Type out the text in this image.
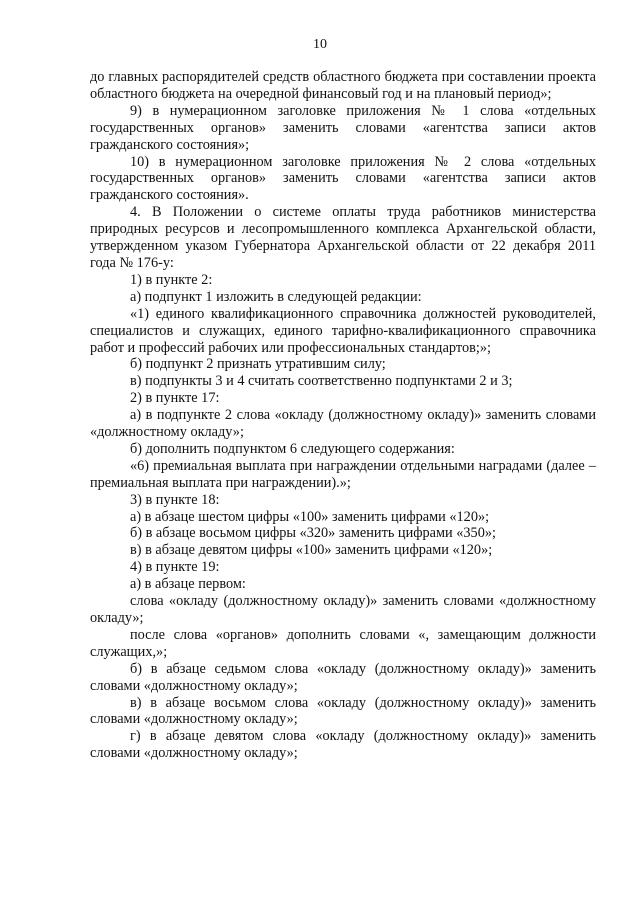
10

до главных распорядителей средств областного бюджета при составлении проекта областного бюджета на очередной финансовый год и на плановый период»;

9) в нумерационном заголовке приложения № 1 слова «отдельных государственных органов» заменить словами «агентства записи актов гражданского состояния»;

10) в нумерационном заголовке приложения № 2 слова «отдельных государственных органов» заменить словами «агентства записи актов гражданского состояния».

4. В Положении о системе оплаты труда работников министерства природных ресурсов и лесопромышленного комплекса Архангельской области, утвержденном указом Губернатора Архангельской области от 22 декабря 2011 года № 176-у:

1) в пункте 2:

а) подпункт 1 изложить в следующей редакции:

«1) единого квалификационного справочника должностей руководителей, специалистов и служащих, единого тарифно-квалификационного справочника работ и профессий рабочих или профессиональных стандартов;»;

б) подпункт 2 признать утратившим силу;

в) подпункты 3 и 4 считать соответственно подпунктами 2 и 3;

2) в пункте 17:

а) в подпункте 2 слова «окладу (должностному окладу)» заменить словами «должностному окладу»;

б) дополнить подпунктом 6 следующего содержания:

«6) премиальная выплата при награждении отдельными наградами (далее – премиальная выплата при награждении).»;

3) в пункте 18:

а) в абзаце шестом цифры «100» заменить цифрами «120»;

б) в абзаце восьмом цифры «320» заменить цифрами «350»;

в) в абзаце девятом цифры «100» заменить цифрами «120»;

4) в пункте 19:

а) в абзаце первом:

слова «окладу (должностному окладу)» заменить словами «должностному окладу»;

после слова «органов» дополнить словами «, замещающим должности служащих,»;

б) в абзаце седьмом слова «окладу (должностному окладу)» заменить словами «должностному окладу»;

в) в абзаце восьмом слова «окладу (должностному окладу)» заменить словами «должностному окладу»;

г) в абзаце девятом слова «окладу (должностному окладу)» заменить словами «должностному окладу»;
